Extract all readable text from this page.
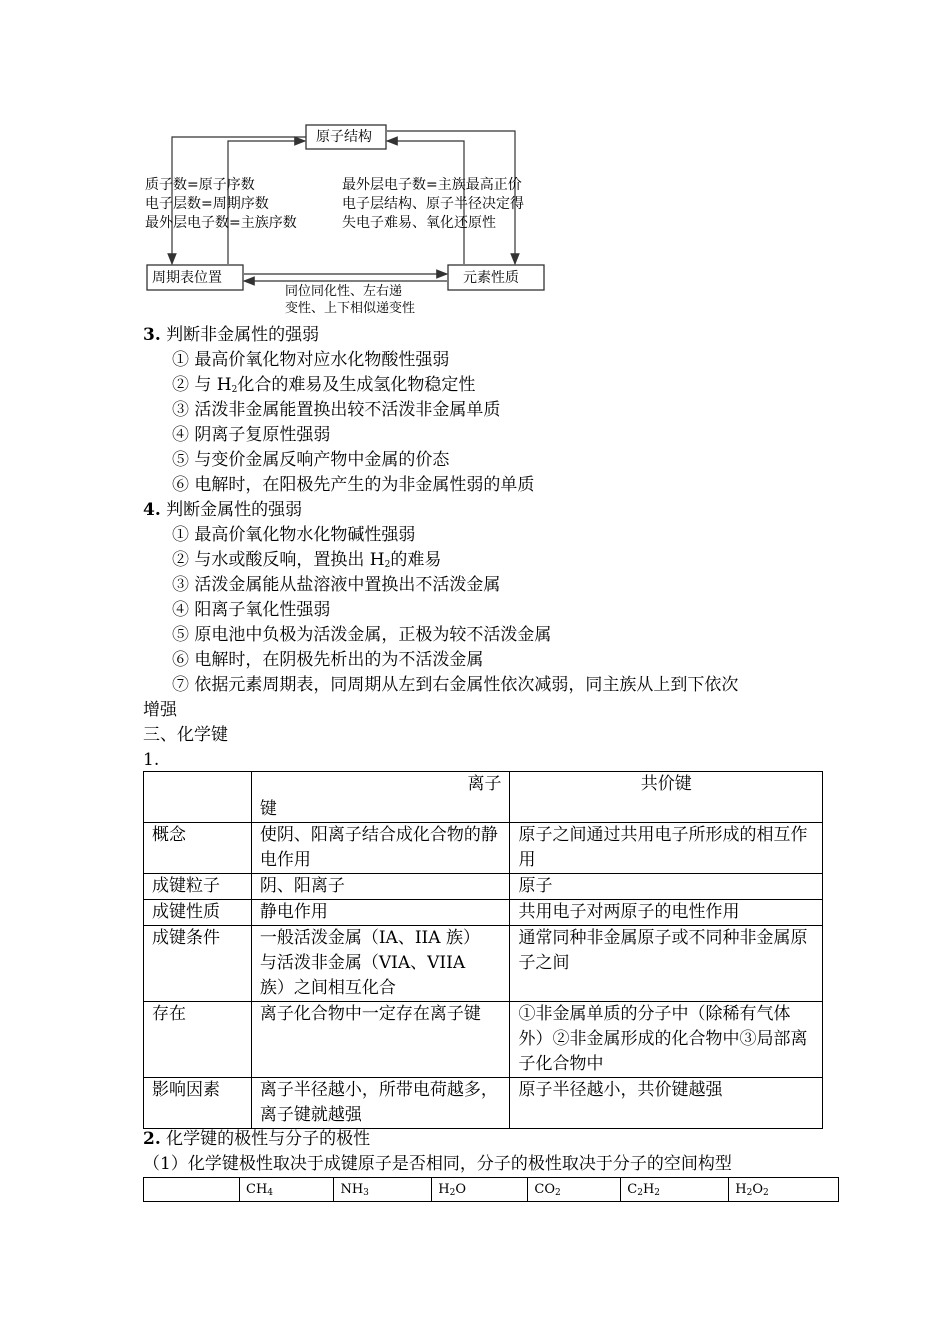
原子结构
周期表位置	元素性质
质子数=原子序数
电子层数=周期序数
最外层电子数=主族序数
最外层电子数=主族最高正价
电子层结构、原子半径决定得
失电子难易、氧化还原性
同位同化性、左右递
变性、上下相似递变性
3. 判断非金属性的强弱
① 最高价氧化物对应水化物酸性强弱
② 与 $H_2$化合的难易及生成氢化物稳定性
③ 活泼非金属能置换出较不活泼非金属单质
④ 阴离子复原性强弱
⑤ 与变价金属反响产物中金属的价态
⑥ 电解时，在阳极先产生的为非金属性弱的单质
4. 判断金属性的强弱
① 最高价氧化物水化物碱性强弱
② 与水或酸反响，置换出 $H_2$的难易
③ 活泼金属能从盐溶液中置换出不活泼金属
④ 阳离子氧化性强弱
⑤ 原电池中负极为活泼金属，正极为较不活泼金属
⑥ 电解时，在阴极先析出的为不活泼金属
⑦ 依据元素周期表，同周期从左到右金属性依次减弱，同主族从上到下依次
增强
三、化学键
1.

	离子
键	共价键

概念	使阴、阳离子结合成化合物的静电作用	原子之间通过共用电子所形成的相互作用
成键粒子	阴、阳离子	原子
成键性质	静电作用	共用电子对两原子的电性作用
成键条件	一般活泼金属（IA、IIA 族）
与活泼非金属（VIA、VIIA
族）之间相互化合	通常同种非金属原子或不同种非金属原子之间
存在	离子化合物中一定存在离子键	①非金属单质的分子中（除稀有气体外）②非金属形成的化合物中③局部离子化合物中
影响因素	离子半径越小，所带电荷越多，离子键就越强	原子半径越小，共价键越强
2. 化学键的极性与分子的极性
（1）化学键极性取决于成键原子是否相同，分子的极性取决于分子的空间构型
	$CH_4$	$NH_3$	$H_2O$	$CO_2$	$C_2H_2$	$H_2O_2$
